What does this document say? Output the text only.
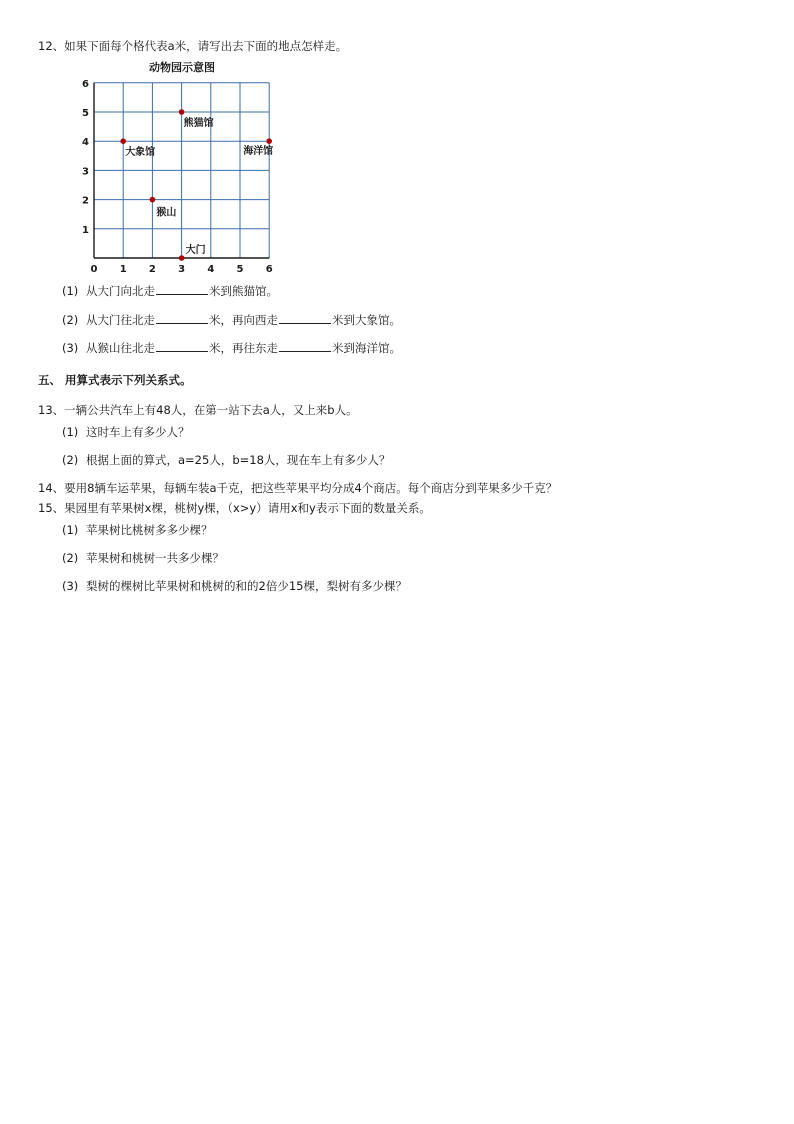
12、如果下面每个格代表a米，请写出去下面的地点怎样走。
动物园示意图
0 1 2 3 4 5 6
1
2
3
4
5
6
熊猫馆
大象馆	海洋馆
猴山
大门
(1) 从大门向北走	米到熊猫馆。
(2) 从大门往北走	米，再向西走	米到大象馆。
(3) 从猴山往北走	米，再往东走	米到海洋馆。
五、 用算式表示下列关系式。
13、一辆公共汽车上有48人，在第一站下去a人，又上来b人。
(1) 这时车上有多少人？
(2) 根据上面的算式，a=25人，b=18人，现在车上有多少人？
14、要用8辆车运苹果，每辆车装a千克，把这些苹果平均分成4个商店。每个商店分到苹果多少千克？
15、果园里有苹果树x棵，桃树y棵，（x>y）请用x和y表示下面的数量关系。
(1) 苹果树比桃树多多少棵？
(2) 苹果树和桃树一共多少棵？
(3) 梨树的棵树比苹果树和桃树的和的2倍少15棵，梨树有多少棵？
